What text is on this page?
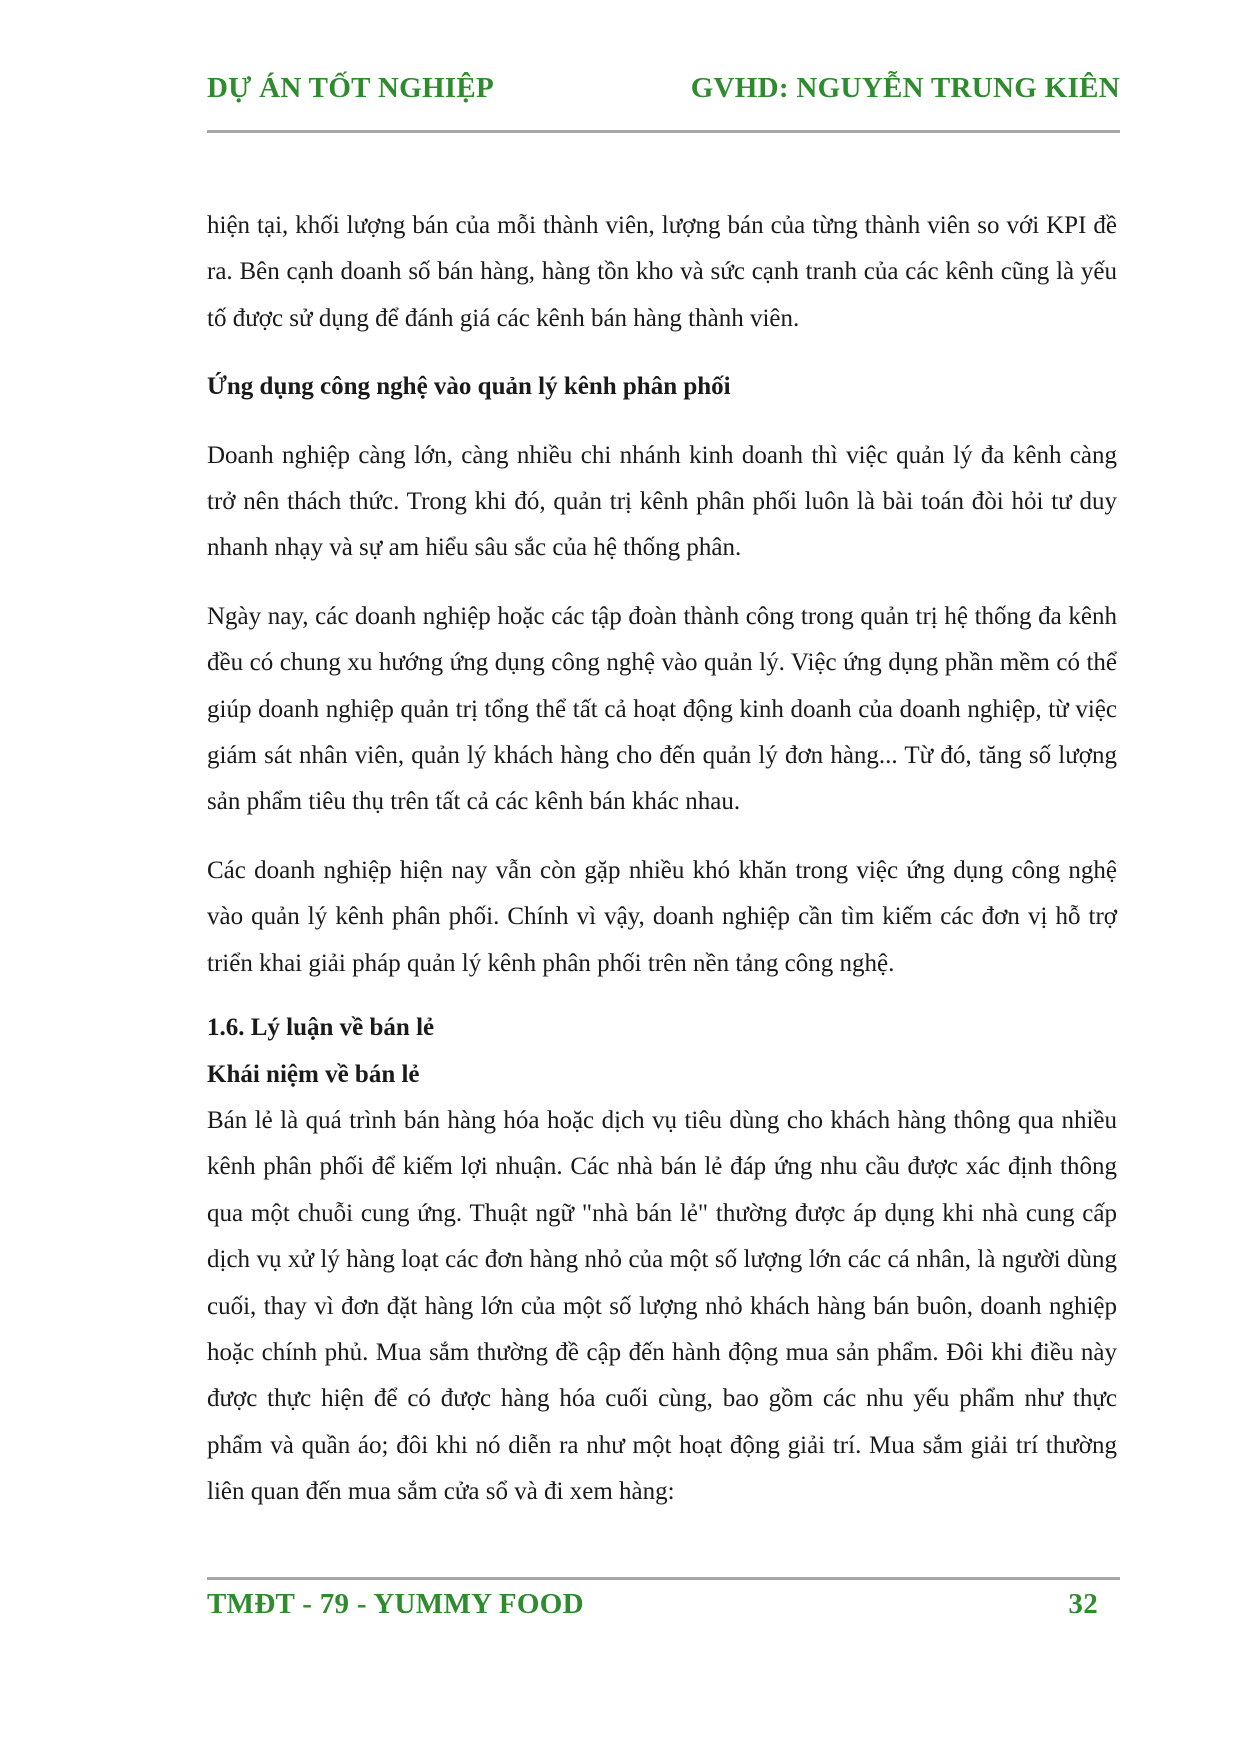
DỰ ÁN TỐT NGHIỆP	GVHD: NGUYỄN TRUNG KIÊN

hiện tại, khối lượng bán của mỗi thành viên, lượng bán của từng thành viên so với KPI đề ra. Bên cạnh doanh số bán hàng, hàng tồn kho và sức cạnh tranh của các kênh cũng là yếu tố được sử dụng để đánh giá các kênh bán hàng thành viên.

Ứng dụng công nghệ vào quản lý kênh phân phối

Doanh nghiệp càng lớn, càng nhiều chi nhánh kinh doanh thì việc quản lý đa kênh càng trở nên thách thức. Trong khi đó, quản trị kênh phân phối luôn là bài toán đòi hỏi tư duy nhanh nhạy và sự am hiểu sâu sắc của hệ thống phân.

Ngày nay, các doanh nghiệp hoặc các tập đoàn thành công trong quản trị hệ thống đa kênh đều có chung xu hướng ứng dụng công nghệ vào quản lý. Việc ứng dụng phần mềm có thể giúp doanh nghiệp quản trị tổng thể tất cả hoạt động kinh doanh của doanh nghiệp, từ việc giám sát nhân viên, quản lý khách hàng cho đến quản lý đơn hàng... Từ đó, tăng số lượng sản phẩm tiêu thụ trên tất cả các kênh bán khác nhau.

Các doanh nghiệp hiện nay vẫn còn gặp nhiều khó khăn trong việc ứng dụng công nghệ vào quản lý kênh phân phối. Chính vì vậy, doanh nghiệp cần tìm kiếm các đơn vị hỗ trợ triển khai giải pháp quản lý kênh phân phối trên nền tảng công nghệ.

1.6. Lý luận về bán lẻ
Khái niệm về bán lẻ

Bán lẻ là quá trình bán hàng hóa hoặc dịch vụ tiêu dùng cho khách hàng thông qua nhiều kênh phân phối để kiếm lợi nhuận. Các nhà bán lẻ đáp ứng nhu cầu được xác định thông qua một chuỗi cung ứng. Thuật ngữ "nhà bán lẻ" thường được áp dụng khi nhà cung cấp dịch vụ xử lý hàng loạt các đơn hàng nhỏ của một số lượng lớn các cá nhân, là người dùng cuối, thay vì đơn đặt hàng lớn của một số lượng nhỏ khách hàng bán buôn, doanh nghiệp hoặc chính phủ. Mua sắm thường đề cập đến hành động mua sản phẩm. Đôi khi điều này được thực hiện để có được hàng hóa cuối cùng, bao gồm các nhu yếu phẩm như thực phẩm và quần áo; đôi khi nó diễn ra như một hoạt động giải trí. Mua sắm giải trí thường liên quan đến mua sắm cửa sổ và đi xem hàng:

TMĐT - 79 - YUMMY FOOD	32
